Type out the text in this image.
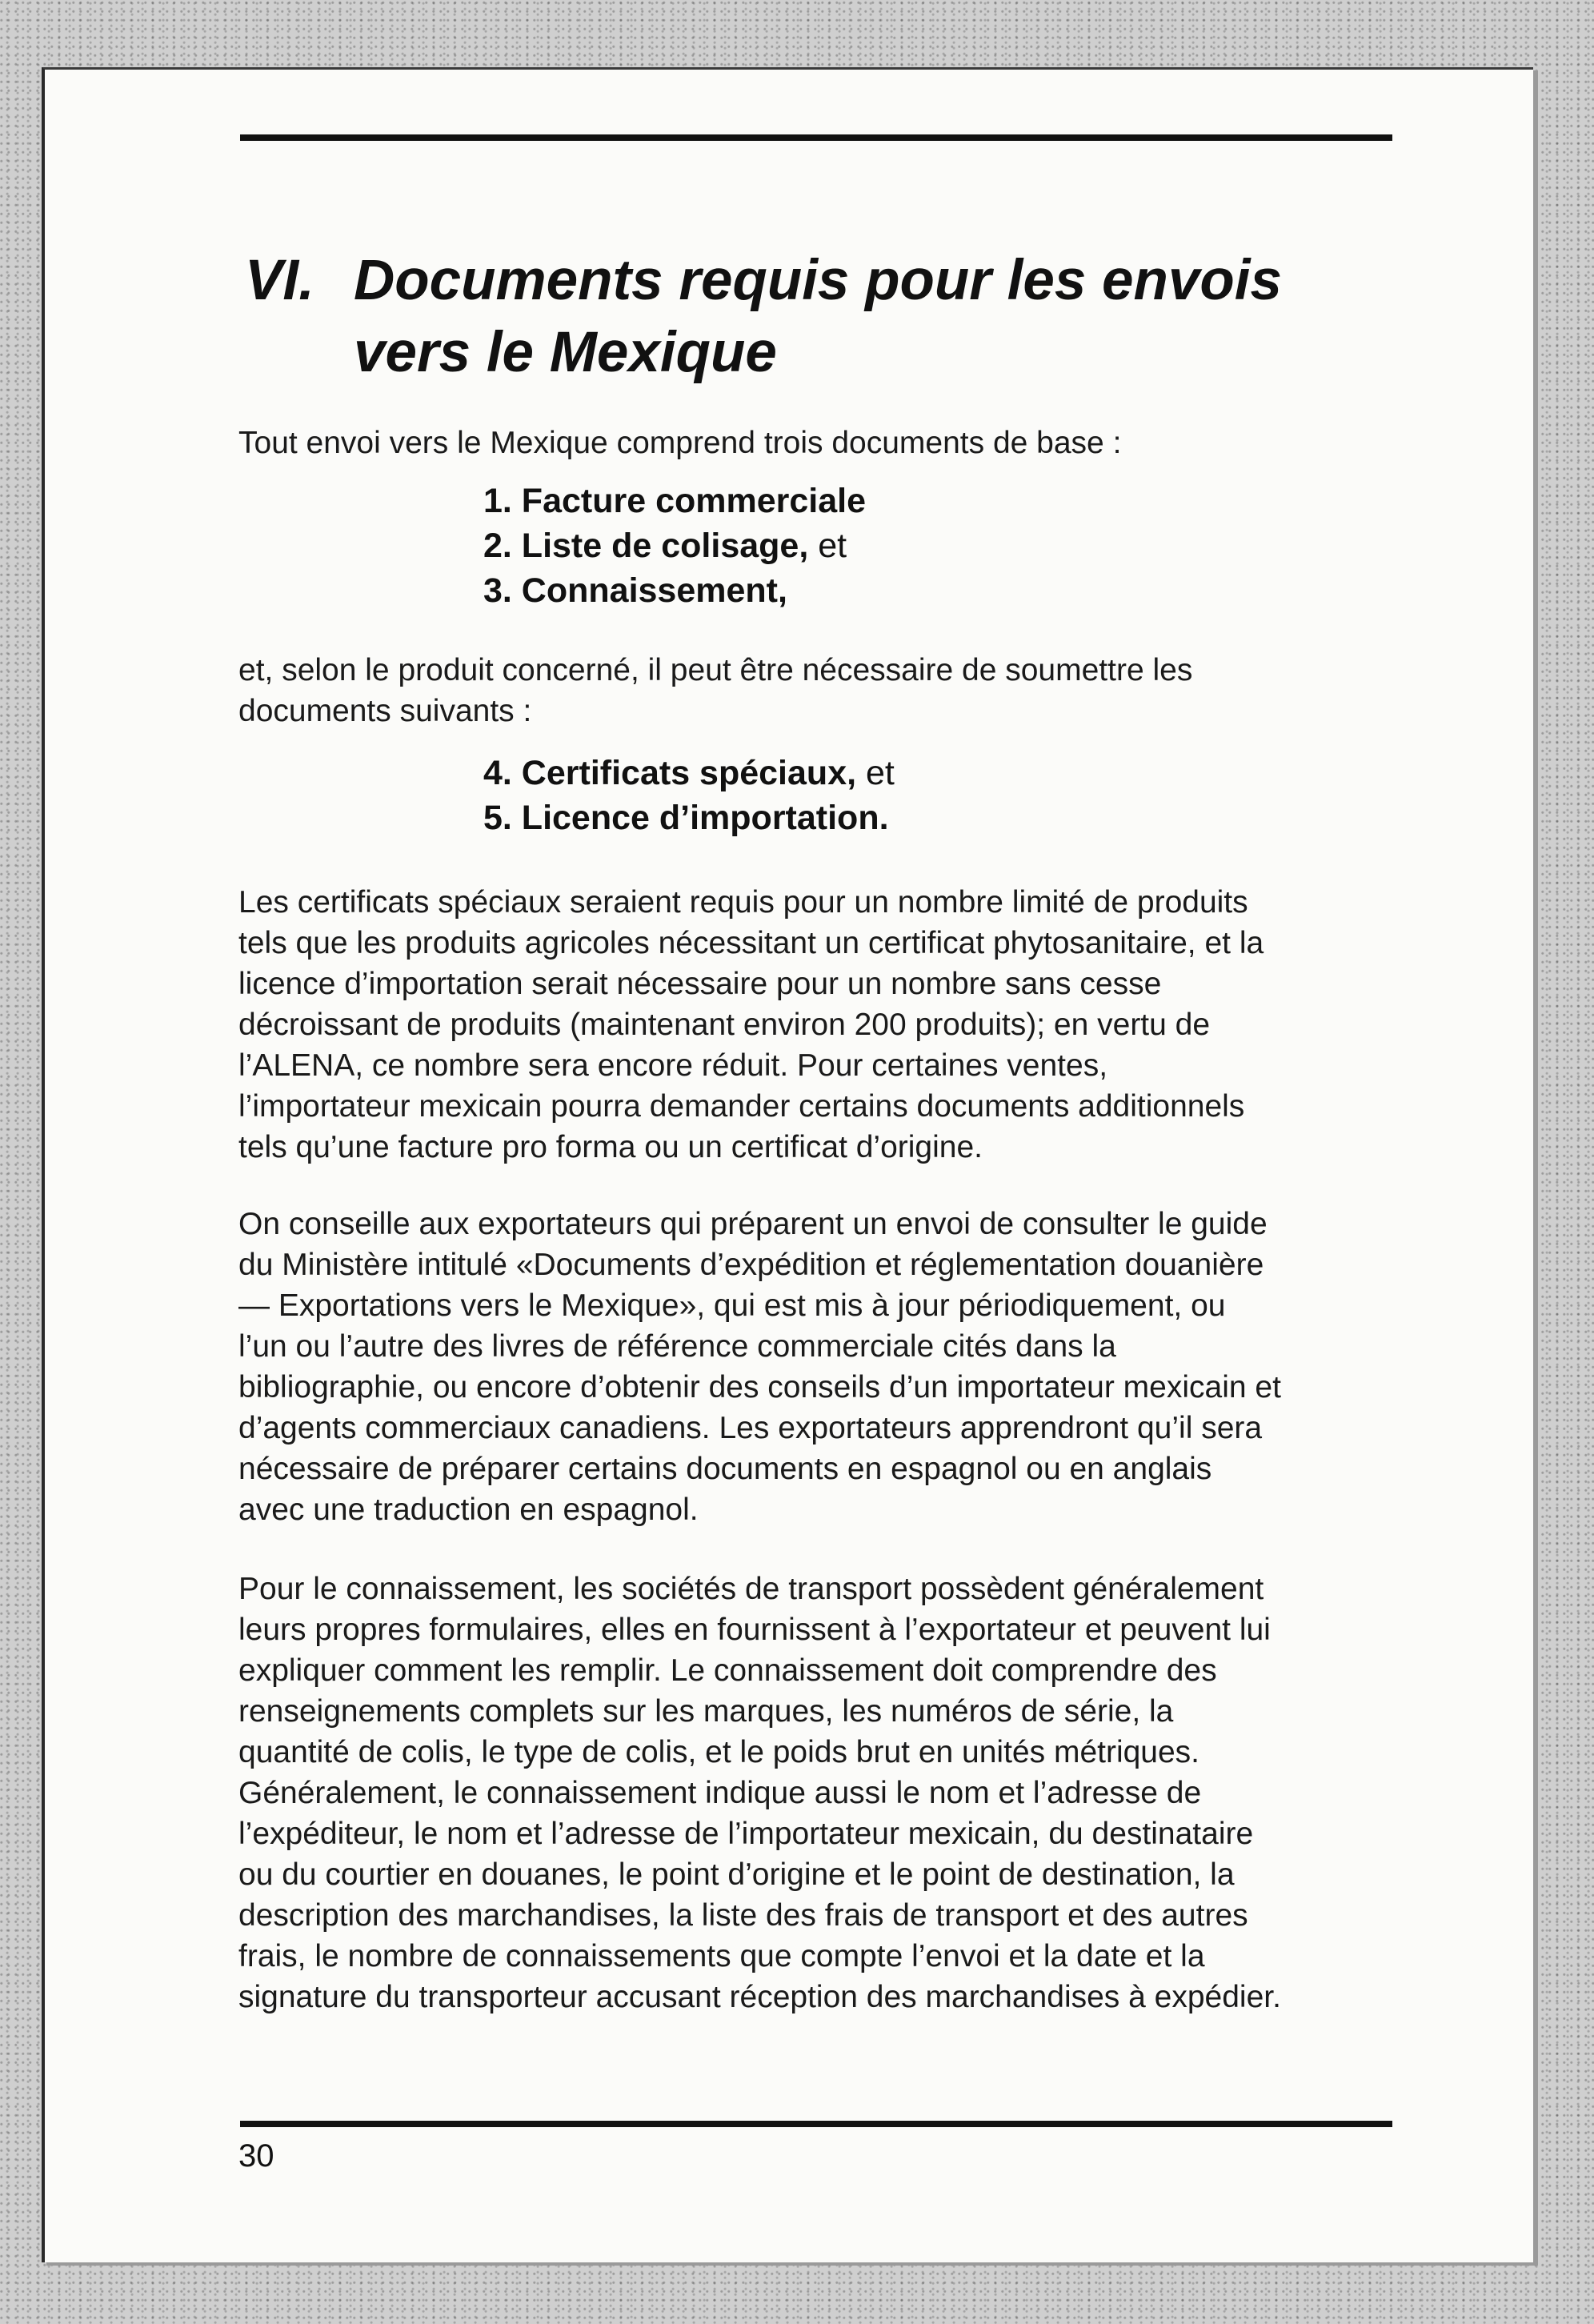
VI. Documents requis pour les envois
vers le Mexique

Tout envoi vers le Mexique comprend trois documents de base :

1. Facture commerciale
2. Liste de colisage, et
3. Connaissement,

et, selon le produit concerné, il peut être nécessaire de soumettre les
documents suivants :

4. Certificats spéciaux, et
5. Licence d’importation.

Les certificats spéciaux seraient requis pour un nombre limité de produits
tels que les produits agricoles nécessitant un certificat phytosanitaire, et la
licence d’importation serait nécessaire pour un nombre sans cesse
décroissant de produits (maintenant environ 200 produits); en vertu de
l’ALENA, ce nombre sera encore réduit. Pour certaines ventes,
l’importateur mexicain pourra demander certains documents additionnels
tels qu’une facture pro forma ou un certificat d’origine.

On conseille aux exportateurs qui préparent un envoi de consulter le guide
du Ministère intitulé «Documents d’expédition et réglementation douanière
— Exportations vers le Mexique», qui est mis à jour périodiquement, ou
l’un ou l’autre des livres de référence commerciale cités dans la
bibliographie, ou encore d’obtenir des conseils d’un importateur mexicain et
d’agents commerciaux canadiens. Les exportateurs apprendront qu’il sera
nécessaire de préparer certains documents en espagnol ou en anglais
avec une traduction en espagnol.

Pour le connaissement, les sociétés de transport possèdent généralement
leurs propres formulaires, elles en fournissent à l’exportateur et peuvent lui
expliquer comment les remplir. Le connaissement doit comprendre des
renseignements complets sur les marques, les numéros de série, la
quantité de colis, le type de colis, et le poids brut en unités métriques.
Généralement, le connaissement indique aussi le nom et l’adresse de
l’expéditeur, le nom et l’adresse de l’importateur mexicain, du destinataire
ou du courtier en douanes, le point d’origine et le point de destination, la
description des marchandises, la liste des frais de transport et des autres
frais, le nombre de connaissements que compte l’envoi et la date et la
signature du transporteur accusant réception des marchandises à expédier.

30
